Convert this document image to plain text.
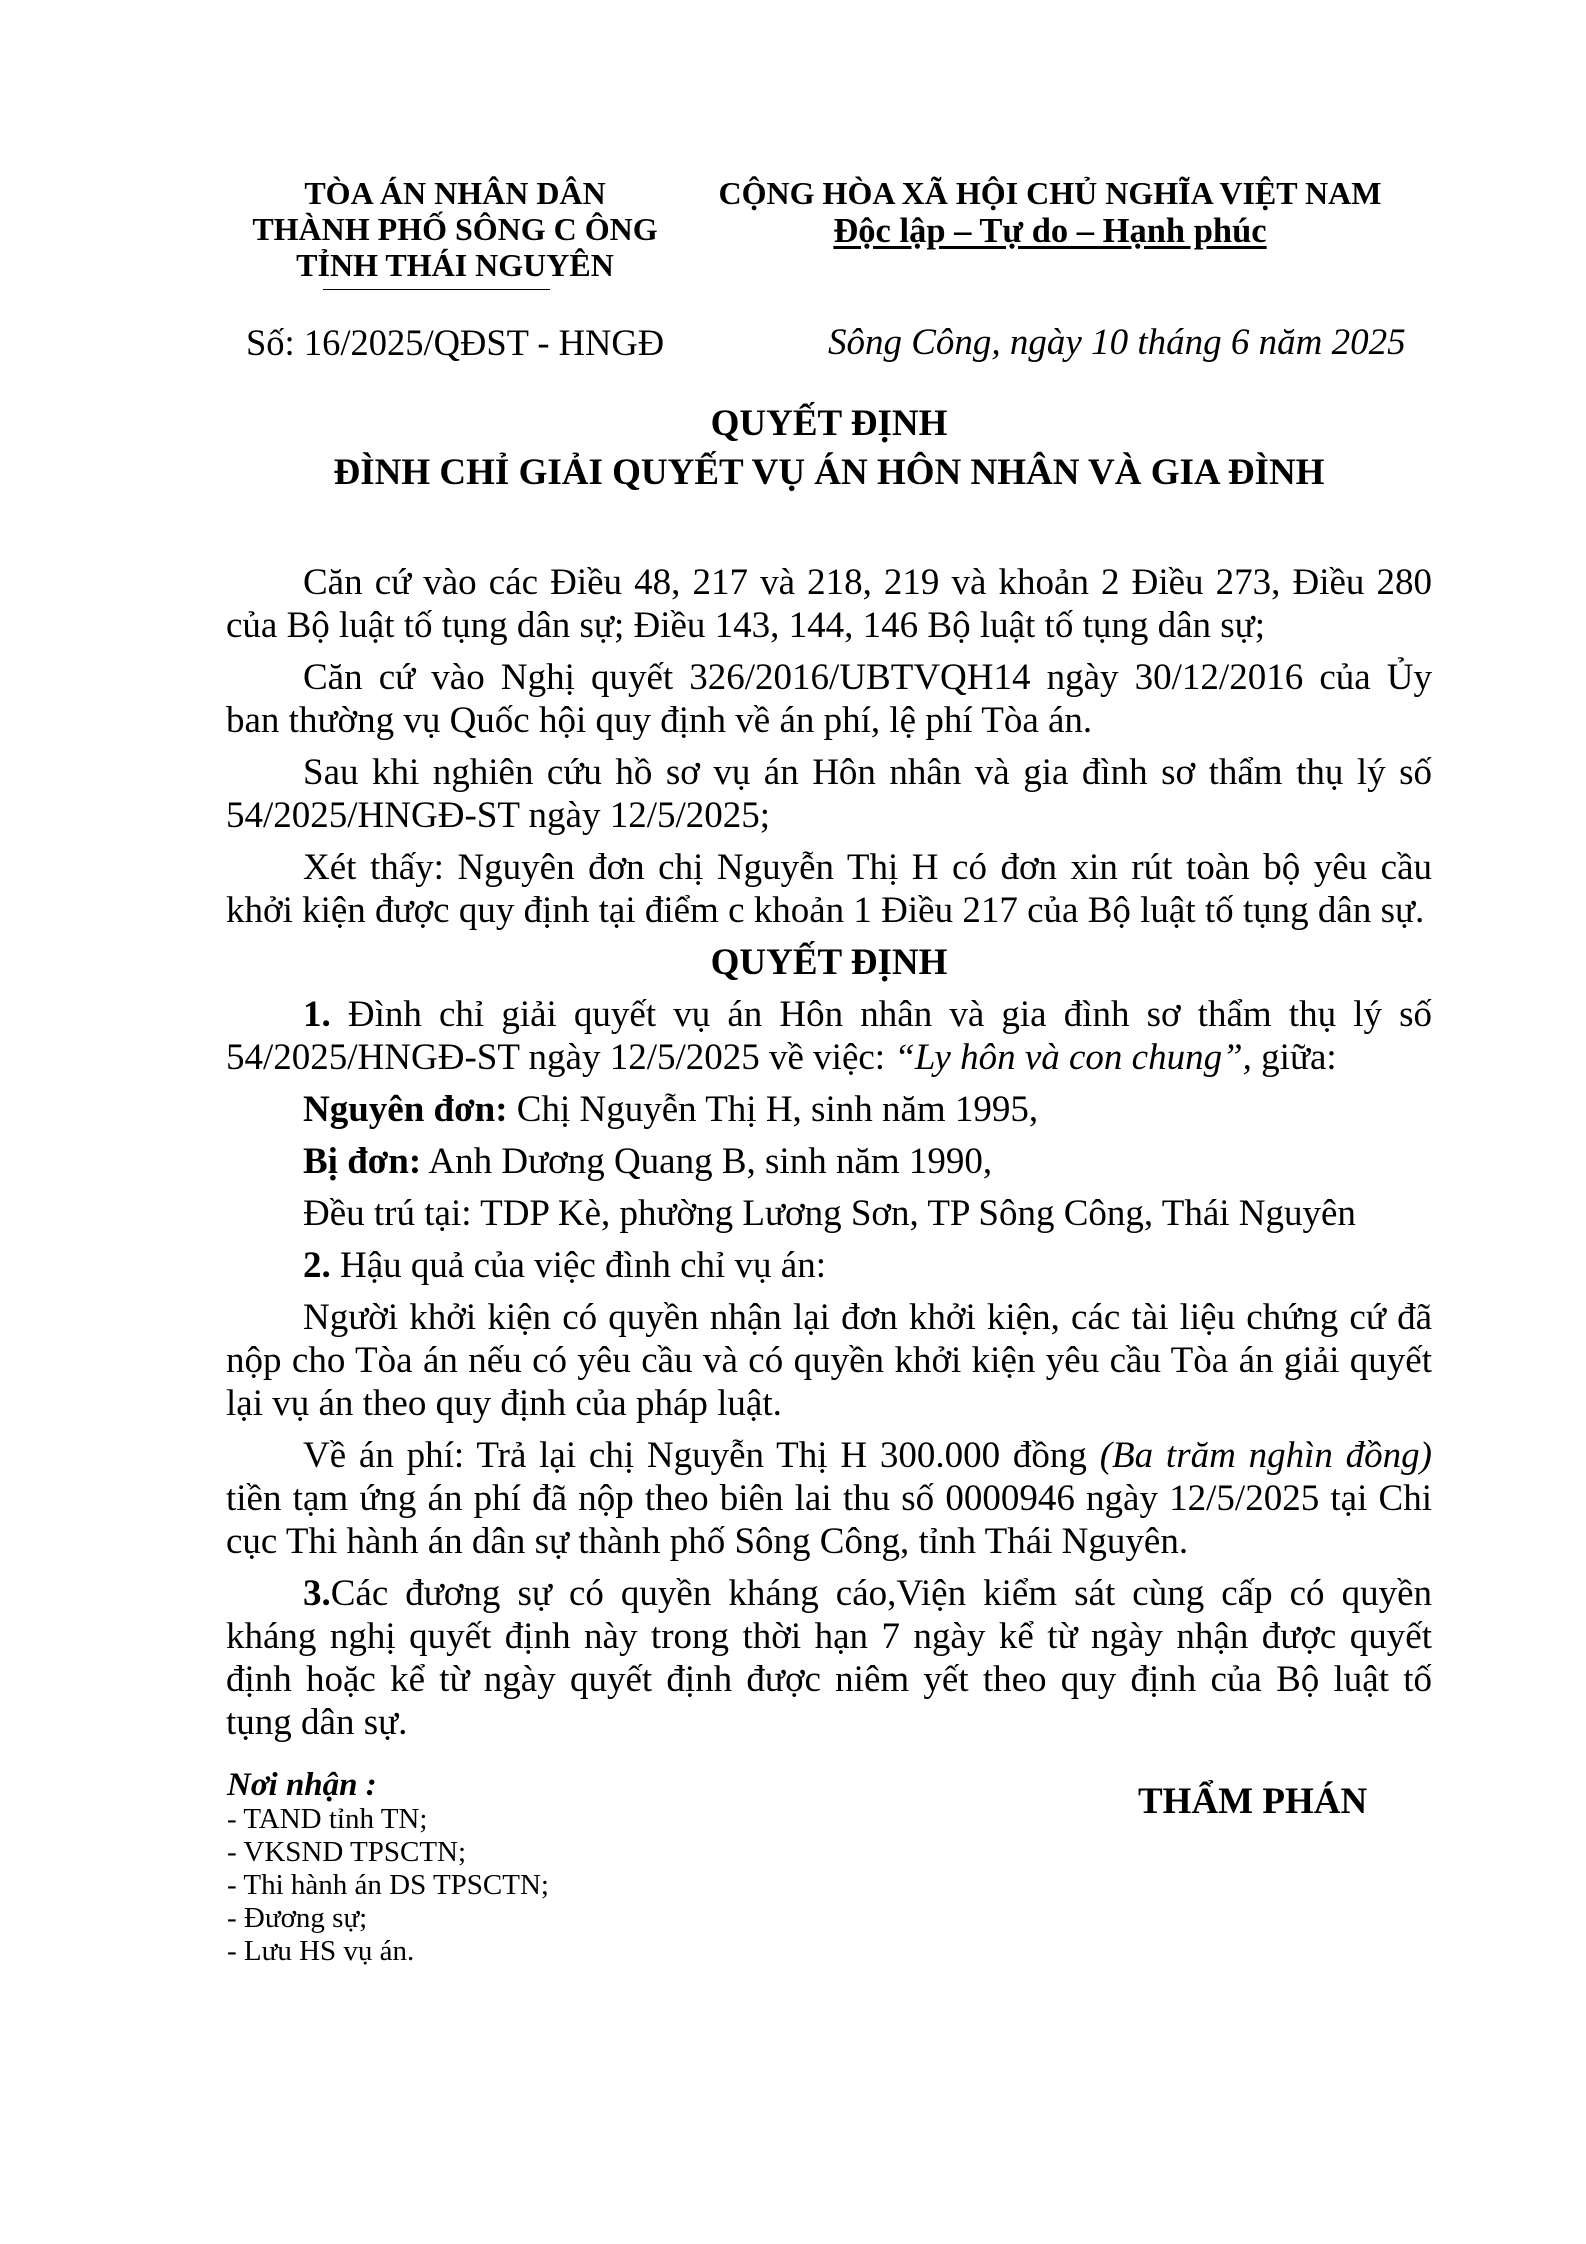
TÒA ÁN NHÂN DÂN
THÀNH PHỐ SÔNG C ÔNG
TỈNH THÁI NGUYÊN
CỘNG HÒA XÃ HỘI CHỦ NGHĨA VIỆT NAM
Độc lập – Tự do – Hạnh phúc
Số: 16/2025/QĐST - HNGĐ	Sông Công, ngày 10 tháng 6 năm 2025
QUYẾT ĐỊNH
ĐÌNH CHỈ GIẢI QUYẾT VỤ ÁN HÔN NHÂN VÀ GIA ĐÌNH
Căn cứ vào các Điều 48, 217 và 218, 219 và khoản 2 Điều 273, Điều 280
của Bộ luật tố tụng dân sự; Điều 143, 144, 146 Bộ luật tố tụng dân sự;
Căn cứ vào Nghị quyết 326/2016/UBTVQH14 ngày 30/12/2016 của Ủy
ban thường vụ Quốc hội quy định về án phí, lệ phí Tòa án.
Sau khi nghiên cứu hồ sơ vụ án Hôn nhân và gia đình sơ thẩm thụ lý số
54/2025/HNGĐ-ST ngày 12/5/2025;
Xét thấy: Nguyên đơn chị Nguyễn Thị H có đơn xin rút toàn bộ yêu cầu
khởi kiện được quy định tại điểm c khoản 1 Điều 217 của Bộ luật tố tụng dân sự.
QUYẾT ĐỊNH
1. Đình chỉ giải quyết vụ án Hôn nhân và gia đình sơ thẩm thụ lý số
54/2025/HNGĐ-ST ngày 12/5/2025 về việc: “Ly hôn và con chung”, giữa:
Nguyên đơn: Chị Nguyễn Thị H, sinh năm 1995,
Bị đơn: Anh Dương Quang B, sinh năm 1990,
Đều trú tại: TDP Kè, phường Lương Sơn, TP Sông Công, Thái Nguyên
2. Hậu quả của việc đình chỉ vụ án:
Người khởi kiện có quyền nhận lại đơn khởi kiện, các tài liệu chứng cứ đã
nộp cho Tòa án nếu có yêu cầu và có quyền khởi kiện yêu cầu Tòa án giải quyết
lại vụ án theo quy định của pháp luật.
Về án phí: Trả lại chị Nguyễn Thị H 300.000 đồng (Ba trăm nghìn đồng)
tiền tạm ứng án phí đã nộp theo biên lai thu số 0000946 ngày 12/5/2025 tại Chi
cục Thi hành án dân sự thành phố Sông Công, tỉnh Thái Nguyên.
3.Các đương sự có quyền kháng cáo,Viện kiểm sát cùng cấp có quyền
kháng nghị quyết định này trong thời hạn 7 ngày kể từ ngày nhận được quyết
định hoặc kể từ ngày quyết định được niêm yết theo quy định của Bộ luật tố
tụng dân sự.
Nơi nhận :
- TAND tỉnh TN;
- VKSND TPSCTN;
- Thi hành án DS TPSCTN;
- Đương sự;
- Lưu HS vụ án.
THẨM PHÁN
